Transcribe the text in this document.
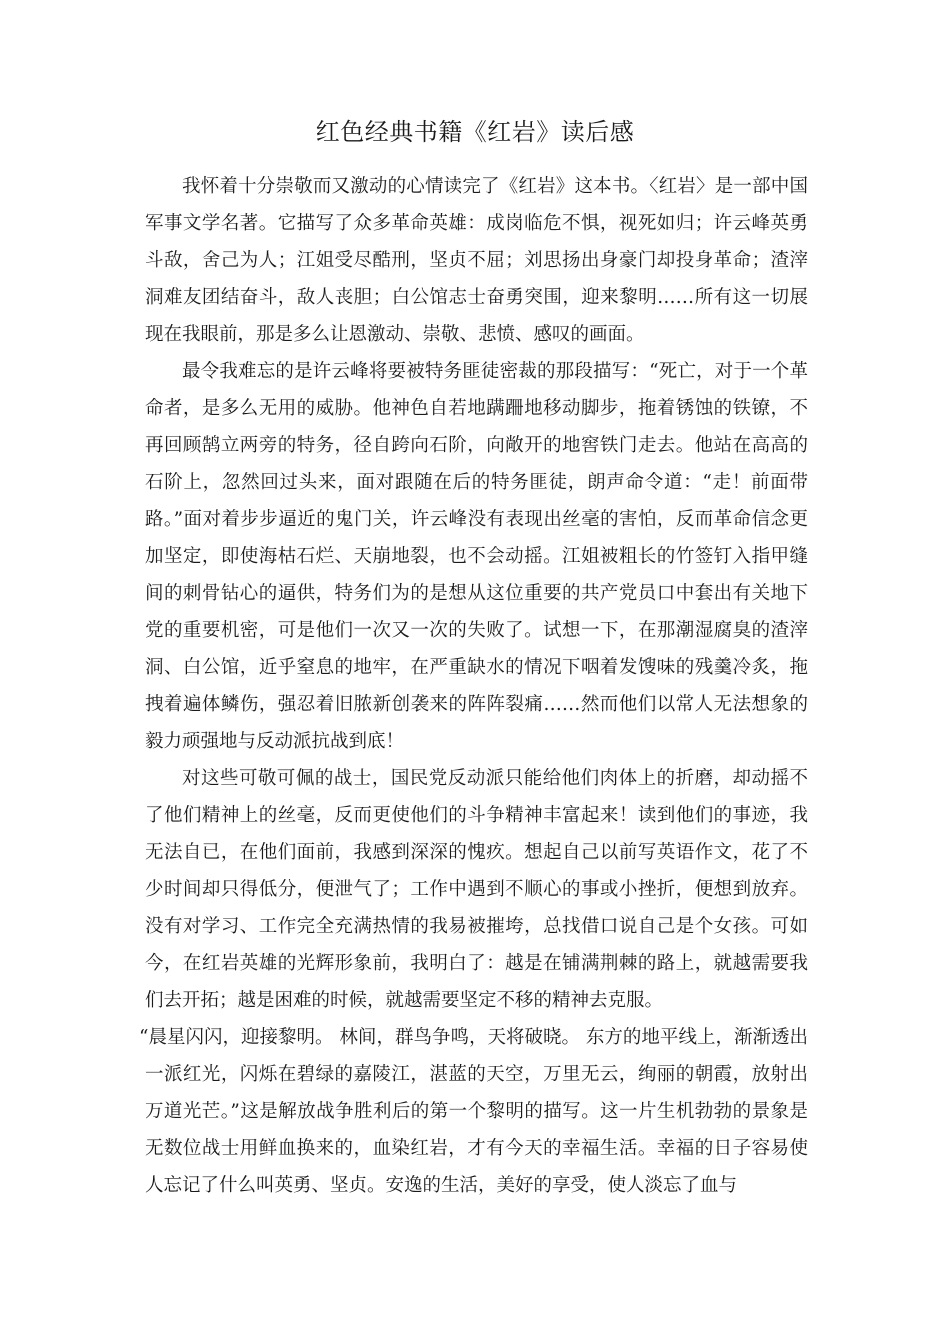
红色经典书籍《红岩》读后感

我怀着十分崇敬而又激动的心情读完了《红岩》这本书。〈红岩〉是一部中国军事文学名著。它描写了众多革命英雄：成岗临危不惧，视死如归；许云峰英勇斗敌，舍己为人；江姐受尽酷刑，坚贞不屈；刘思扬出身豪门却投身革命；渣滓洞难友团结奋斗，敌人丧胆；白公馆志士奋勇突围，迎来黎明……所有这一切展现在我眼前，那是多么让恩激动、崇敬、悲愤、感叹的画面。

最令我难忘的是许云峰将要被特务匪徒密裁的那段描写：“死亡，对于一个革命者，是多么无用的威胁。他神色自若地蹒跚地移动脚步，拖着锈蚀的铁镣，不再回顾鹄立两旁的特务，径自跨向石阶，向敞开的地窖铁门走去。他站在高高的石阶上，忽然回过头来，面对跟随在后的特务匪徒，朗声命令道：“走！前面带路。”面对着步步逼近的鬼门关，许云峰没有表现出丝毫的害怕，反而革命信念更加坚定，即使海枯石烂、天崩地裂，也不会动摇。江姐被粗长的竹签钉入指甲缝间的刺骨钻心的逼供，特务们为的是想从这位重要的共产党员口中套出有关地下党的重要机密，可是他们一次又一次的失败了。试想一下，在那潮湿腐臭的渣滓洞、白公馆，近乎窒息的地牢，在严重缺水的情况下咽着发馊味的残羹冷炙，拖拽着遍体鳞伤，强忍着旧脓新创袭来的阵阵裂痛……然而他们以常人无法想象的毅力顽强地与反动派抗战到底！

对这些可敬可佩的战士，国民党反动派只能给他们肉体上的折磨，却动摇不了他们精神上的丝毫，反而更使他们的斗争精神丰富起来！读到他们的事迹，我无法自已，在他们面前，我感到深深的愧疚。想起自己以前写英语作文，花了不少时间却只得低分，便泄气了；工作中遇到不顺心的事或小挫折，便想到放弃。没有对学习、工作完全充满热情的我易被摧垮，总找借口说自己是个女孩。可如今，在红岩英雄的光辉形象前，我明白了：越是在铺满荆棘的路上，就越需要我们去开拓；越是困难的时候，就越需要坚定不移的精神去克服。

“晨星闪闪，迎接黎明。 林间，群鸟争鸣，天将破晓。 东方的地平线上，渐渐透出一派红光，闪烁在碧绿的嘉陵江，湛蓝的天空，万里无云，绚丽的朝霞，放射出万道光芒。”这是解放战争胜利后的第一个黎明的描写。这一片生机勃勃的景象是无数位战士用鲜血换来的，血染红岩，才有今天的幸福生活。幸福的日子容易使人忘记了什么叫英勇、坚贞。安逸的生活，美好的享受，使人淡忘了血与
